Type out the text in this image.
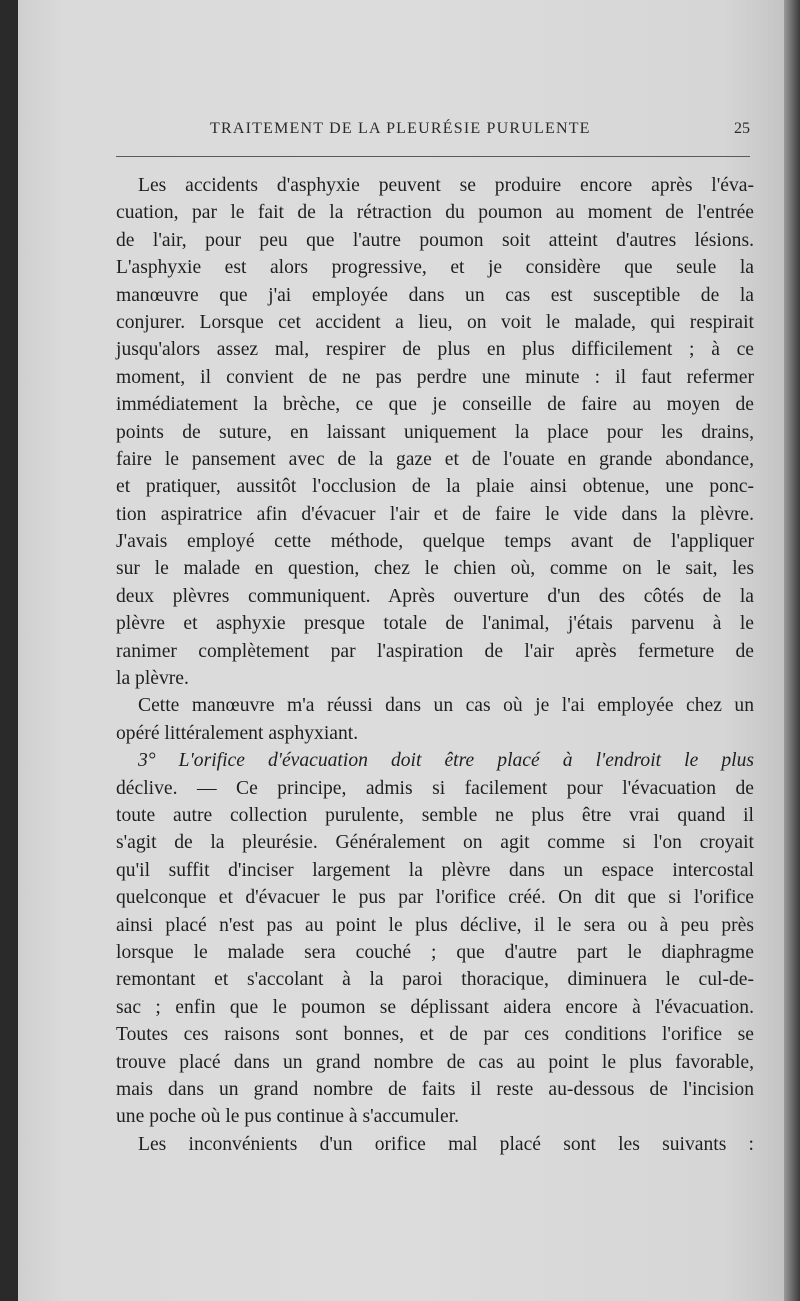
TRAITEMENT DE LA PLEURÉSIE PURULENTE	25
Les accidents d'asphyxie peuvent se produire encore après l'éva-
cuation, par le fait de la rétraction du poumon au moment de l'entrée
de l'air, pour peu que l'autre poumon soit atteint d'autres lésions.
L'asphyxie est alors progressive, et je considère que seule la
manœuvre que j'ai employée dans un cas est susceptible de la
conjurer. Lorsque cet accident a lieu, on voit le malade, qui respirait
jusqu'alors assez mal, respirer de plus en plus difficilement ; à ce
moment, il convient de ne pas perdre une minute : il faut refermer
immédiatement la brèche, ce que je conseille de faire au moyen de
points de suture, en laissant uniquement la place pour les drains,
faire le pansement avec de la gaze et de l'ouate en grande abondance,
et pratiquer, aussitôt l'occlusion de la plaie ainsi obtenue, une ponc-
tion aspiratrice afin d'évacuer l'air et de faire le vide dans la plèvre.
J'avais employé cette méthode, quelque temps avant de l'appliquer
sur le malade en question, chez le chien où, comme on le sait, les
deux plèvres communiquent. Après ouverture d'un des côtés de la
plèvre et asphyxie presque totale de l'animal, j'étais parvenu à le
ranimer complètement par l'aspiration de l'air après fermeture de
la plèvre.
Cette manœuvre m'a réussi dans un cas où je l'ai employée chez un
opéré littéralement asphyxiant.
3° L'orifice d'évacuation doit être placé à l'endroit le plus
déclive. — Ce principe, admis si facilement pour l'évacuation de
toute autre collection purulente, semble ne plus être vrai quand il
s'agit de la pleurésie. Généralement on agit comme si l'on croyait
qu'il suffit d'inciser largement la plèvre dans un espace intercostal
quelconque et d'évacuer le pus par l'orifice créé. On dit que si l'orifice
ainsi placé n'est pas au point le plus déclive, il le sera ou à peu près
lorsque le malade sera couché ; que d'autre part le diaphragme
remontant et s'accolant à la paroi thoracique, diminuera le cul-de-
sac ; enfin que le poumon se déplissant aidera encore à l'évacuation.
Toutes ces raisons sont bonnes, et de par ces conditions l'orifice se
trouve placé dans un grand nombre de cas au point le plus favorable,
mais dans un grand nombre de faits il reste au-dessous de l'incision
une poche où le pus continue à s'accumuler.
Les inconvénients d'un orifice mal placé sont les suivants :
